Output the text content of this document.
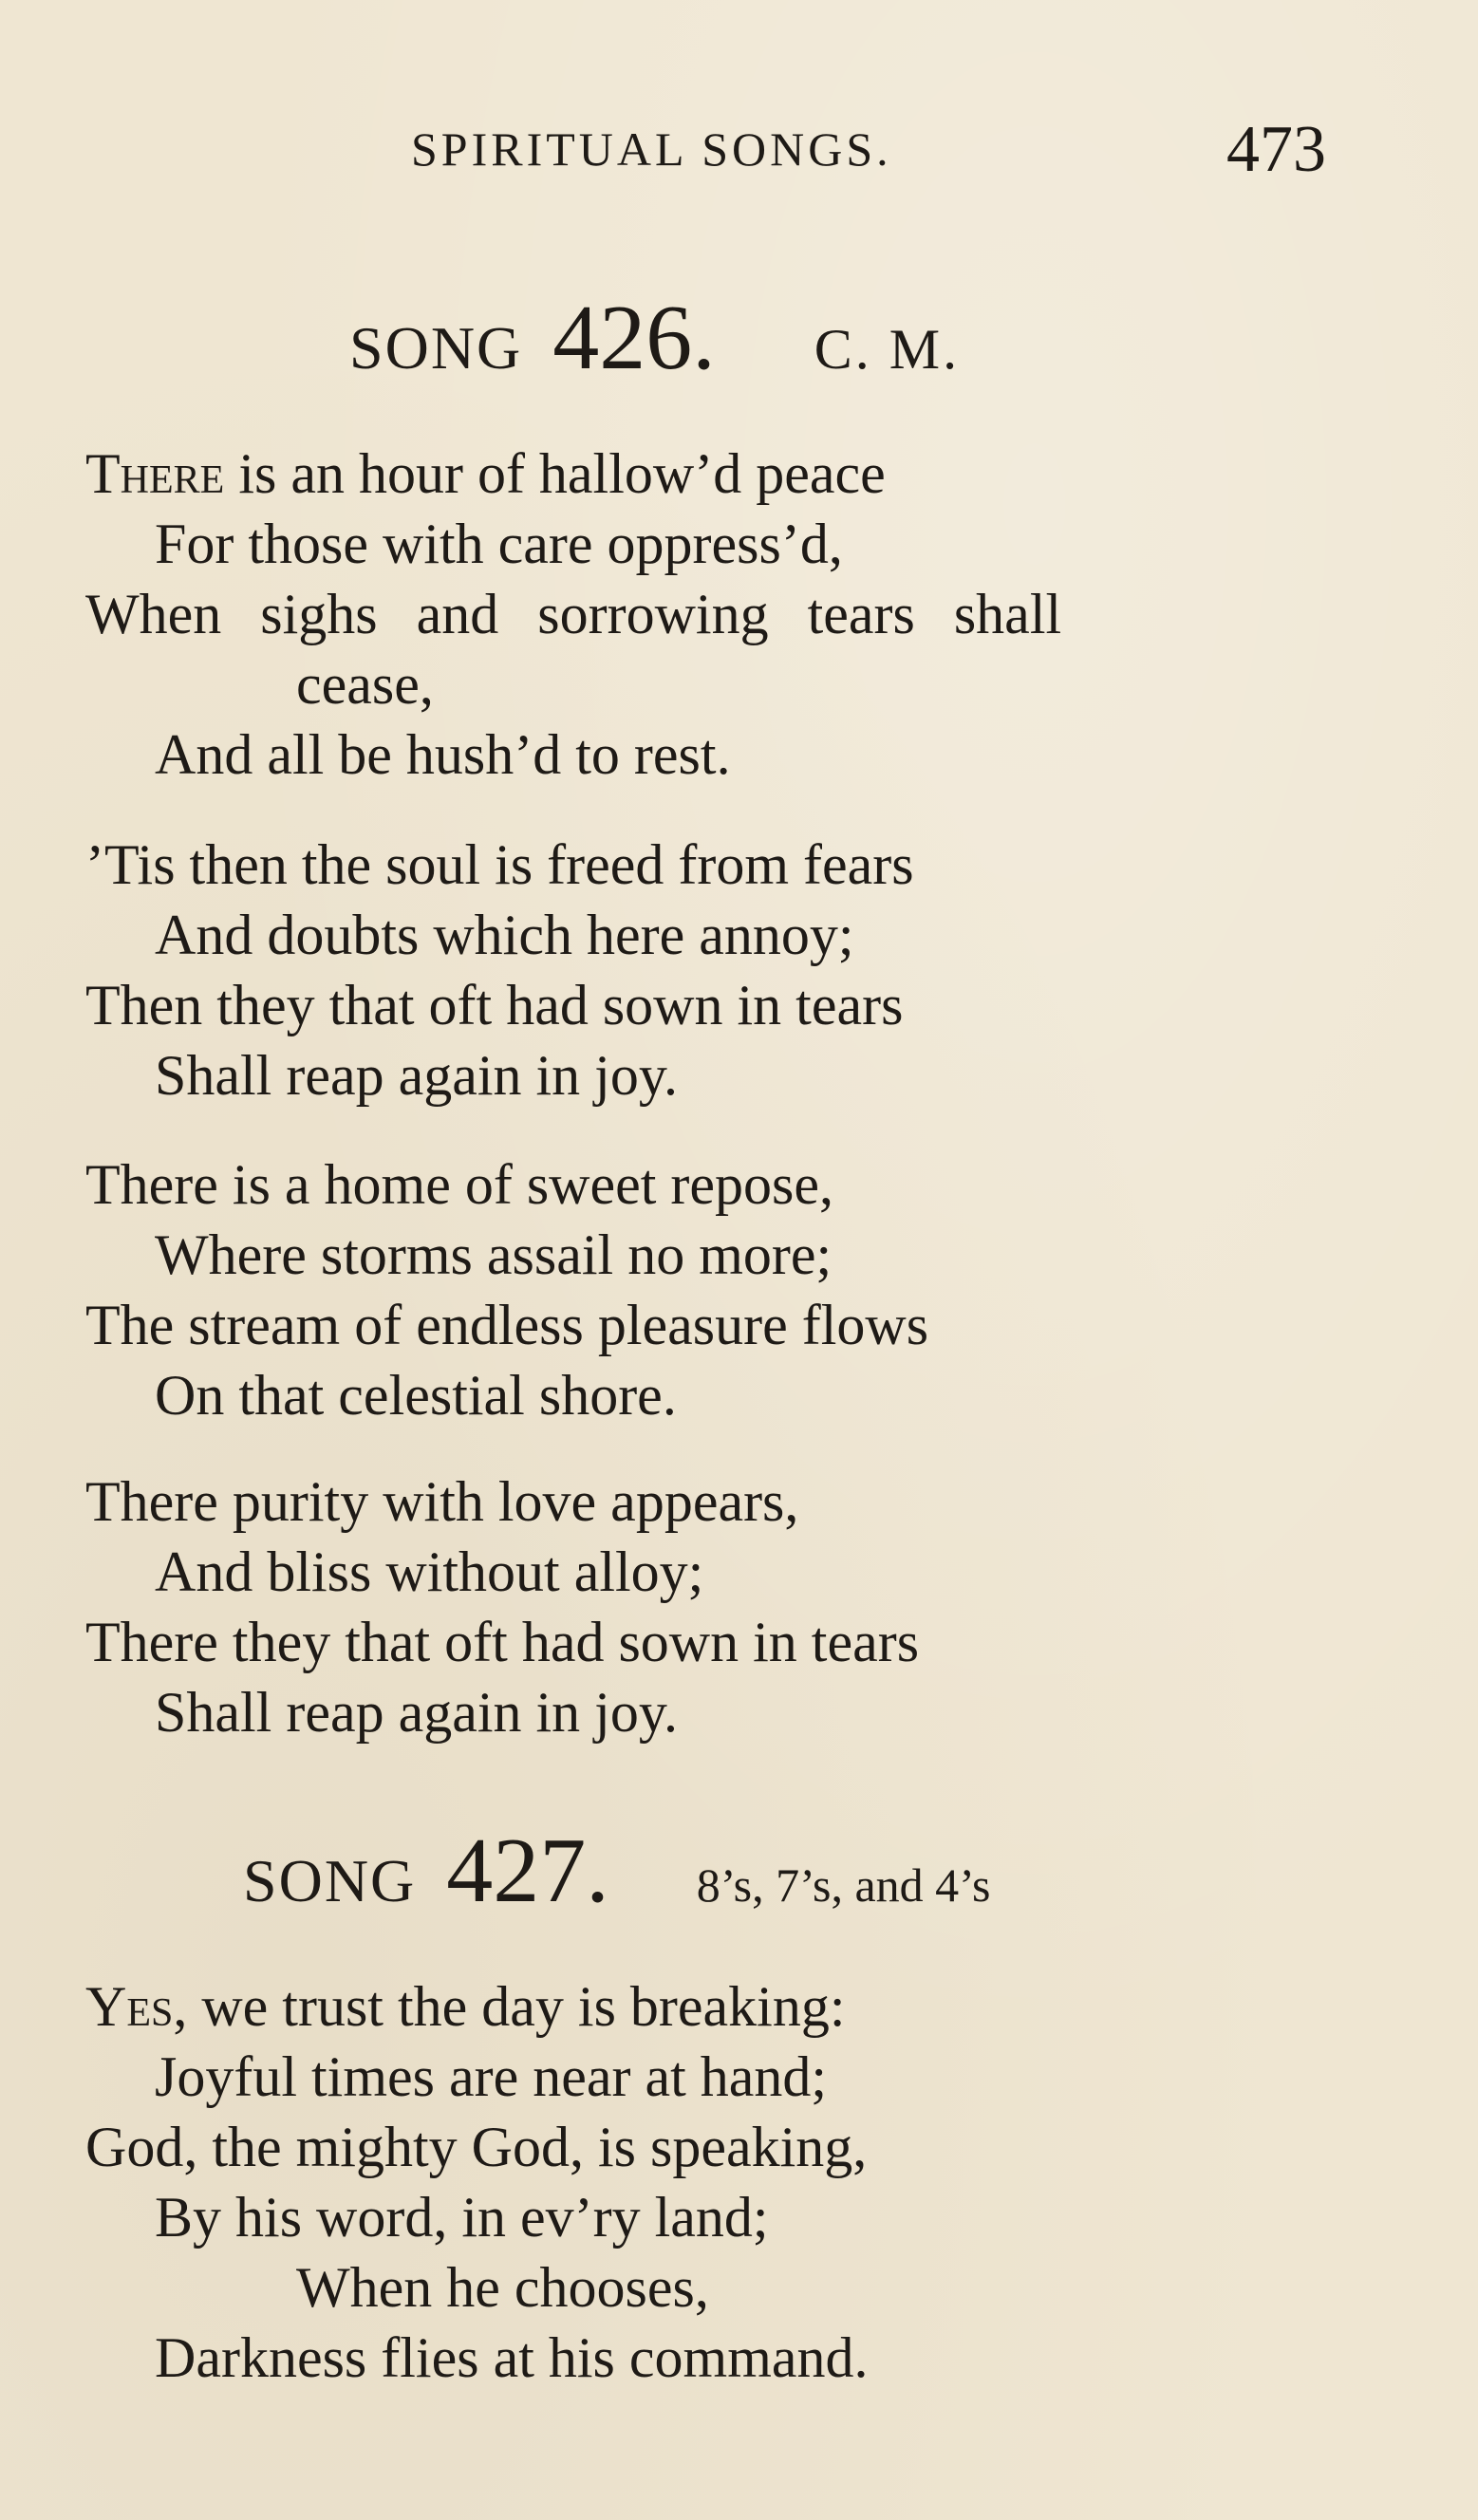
SPIRITUAL SONGS.	473
SONG 426. C. M.
There is an hour of hallow’d peace
For those with care oppress’d,
When sighs and sorrowing tears shall
cease,
And all be hush’d to rest.
’Tis then the soul is freed from fears
And doubts which here annoy;
Then they that oft had sown in tears
Shall reap again in joy.
There is a home of sweet repose,
Where storms assail no more;
The stream of endless pleasure flows
On that celestial shore.
There purity with love appears,
And bliss without alloy;
There they that oft had sown in tears
Shall reap again in joy.
SONG 427. 8’s, 7’s, and 4’s
Yes, we trust the day is breaking:
Joyful times are near at hand;
God, the mighty God, is speaking,
By his word, in ev’ry land;
When he chooses,
Darkness flies at his command.
